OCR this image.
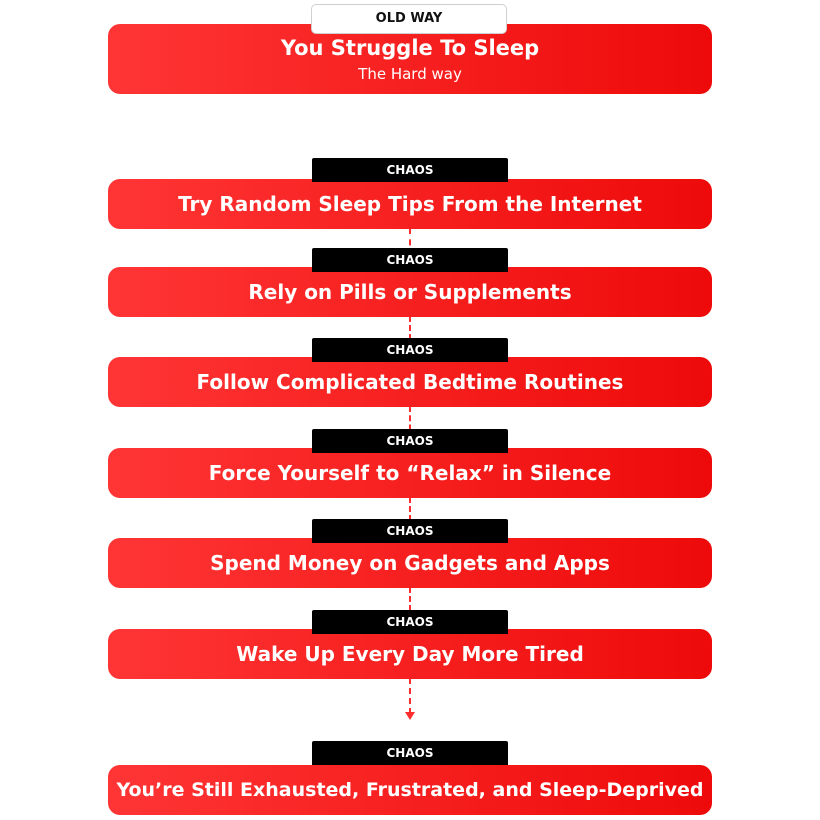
OLD WAY
You Struggle To Sleep
The Hard way
CHAOS
Try Random Sleep Tips From the Internet
CHAOS
Rely on Pills or Supplements
CHAOS
Follow Complicated Bedtime Routines
CHAOS
Force Yourself to “Relax” in Silence
CHAOS
Spend Money on Gadgets and Apps
CHAOS
Wake Up Every Day More Tired
CHAOS
You’re Still Exhausted, Frustrated, and Sleep-Deprived
